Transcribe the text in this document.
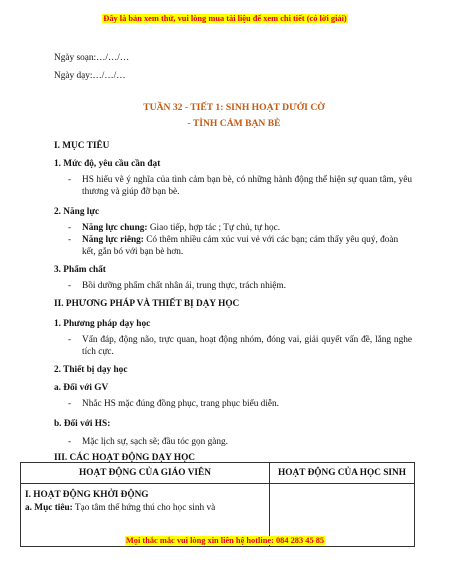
Đây là bản xem thử, vui lòng mua tài liệu để xem chi tiết (có lời giải)
Ngày soạn:…/…/…
Ngày dạy:…/…/…
TUẦN 32 - TIẾT 1: SINH HOẠT DƯỚI CỜ
- TÌNH CẢM BẠN BÈ
I. MỤC TIÊU
1. Mức độ, yêu cầu cần đạt
- HS hiểu vẽ ý nghĩa của tình cảm bạn bè, có những hành động thể hiện sự quan tâm, yêu thương và giúp đỡ bạn bè.
2. Năng lực
- Năng lực chung: Giao tiếp, hợp tác ; Tự chủ, tự học.
- Năng lực riêng: Có thêm nhiều cảm xúc vui vẻ với các bạn; cảm thấy yêu quý, đoàn kết, gắn bó với bạn bè hơn.
3. Phẩm chất
- Bồi dưỡng phẩm chất nhân ái, trung thực, trách nhiệm.
II. PHƯƠNG PHÁP VÀ THIẾT BỊ DẠY HỌC
1. Phương pháp dạy học
- Vấn đáp, động não, trực quan, hoạt động nhóm, đóng vai, giải quyết vấn đề, lắng nghe tích cực.
2. Thiết bị dạy học
a. Đối với GV
- Nhắc HS mặc đúng đồng phục, trang phục biểu diễn.
b. Đối với HS:
- Mặc lịch sự, sạch sẽ; đầu tóc gọn gàng.
III. CÁC HOẠT ĐỘNG DẠY HỌC
HOẠT ĐỘNG CỦA GIÁO VIÊN	HOẠT ĐỘNG CỦA HỌC SINH

I. HOẠT ĐỘNG KHỞI ĐỘNG
a. Mục tiêu: Tạo tâm thế hứng thú cho học sinh và	

Mọi thắc mắc vui lòng xin liên hệ hotline: 084 283 45 85
